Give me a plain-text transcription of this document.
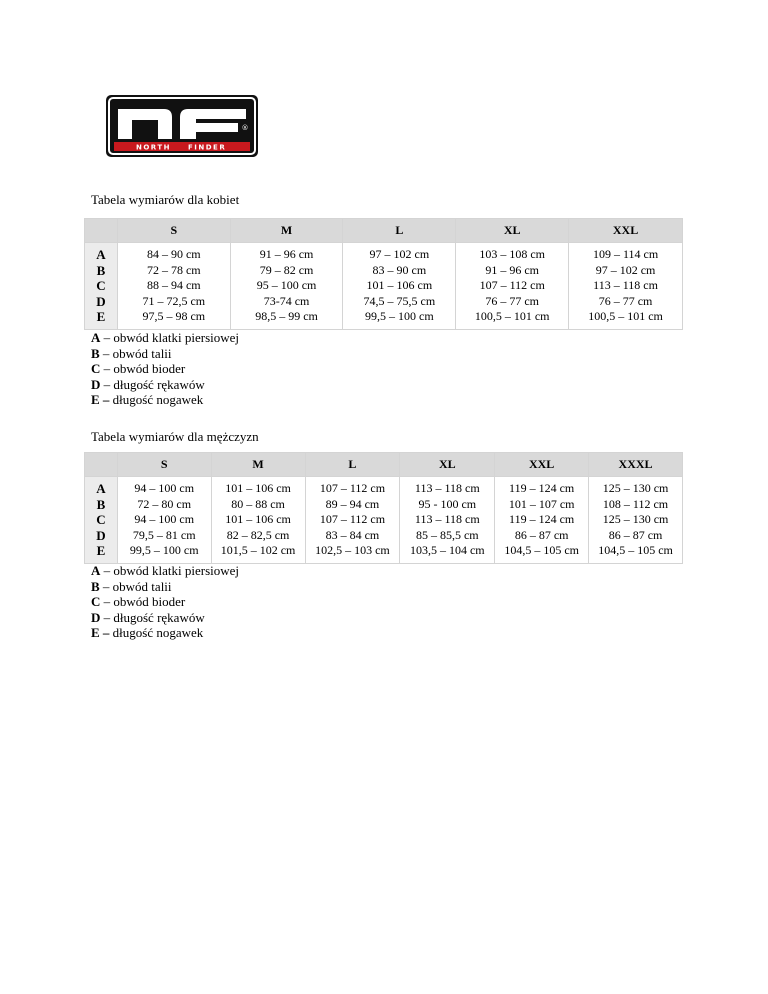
®
NORTH FINDER
Tabela wymiarów dla kobiet
	S	M	L	XL	XXL
A	84 – 90 cm	91 – 96 cm	97 – 102 cm	103 – 108 cm	109 – 114 cm
B	72 – 78 cm	79 – 82 cm	83 – 90 cm	91 – 96 cm	97 – 102 cm
C	88 – 94 cm	95 – 100 cm	101 – 106 cm	107 – 112 cm	113 – 118 cm
D	71 – 72,5 cm	73-74 cm	74,5 – 75,5 cm	76 – 77 cm	76 – 77 cm
E	97,5 – 98 cm	98,5 – 99 cm	99,5 – 100 cm	100,5 – 101 cm	100,5 – 101 cm
A – obwód klatki piersiowej
B – obwód talii
C – obwód bioder
D – długość rękawów
E – długość nogawek
Tabela wymiarów dla mężczyzn
	S	M	L	XL	XXL	XXXL
A	94 – 100 cm	101 – 106 cm	107 – 112 cm	113 – 118 cm	119 – 124 cm	125 – 130 cm
B	72 – 80 cm	80 – 88 cm	89 – 94 cm	95 - 100 cm	101 – 107 cm	108 – 112 cm
C	94 – 100 cm	101 – 106 cm	107 – 112 cm	113 – 118 cm	119 – 124 cm	125 – 130 cm
D	79,5 – 81 cm	82 – 82,5 cm	83 – 84 cm	85 – 85,5 cm	86 – 87 cm	86 – 87 cm
E	99,5 – 100 cm	101,5 – 102 cm	102,5 – 103 cm	103,5 – 104 cm	104,5 – 105 cm	104,5 – 105 cm
A – obwód klatki piersiowej
B – obwód talii
C – obwód bioder
D – długość rękawów
E – długość nogawek
